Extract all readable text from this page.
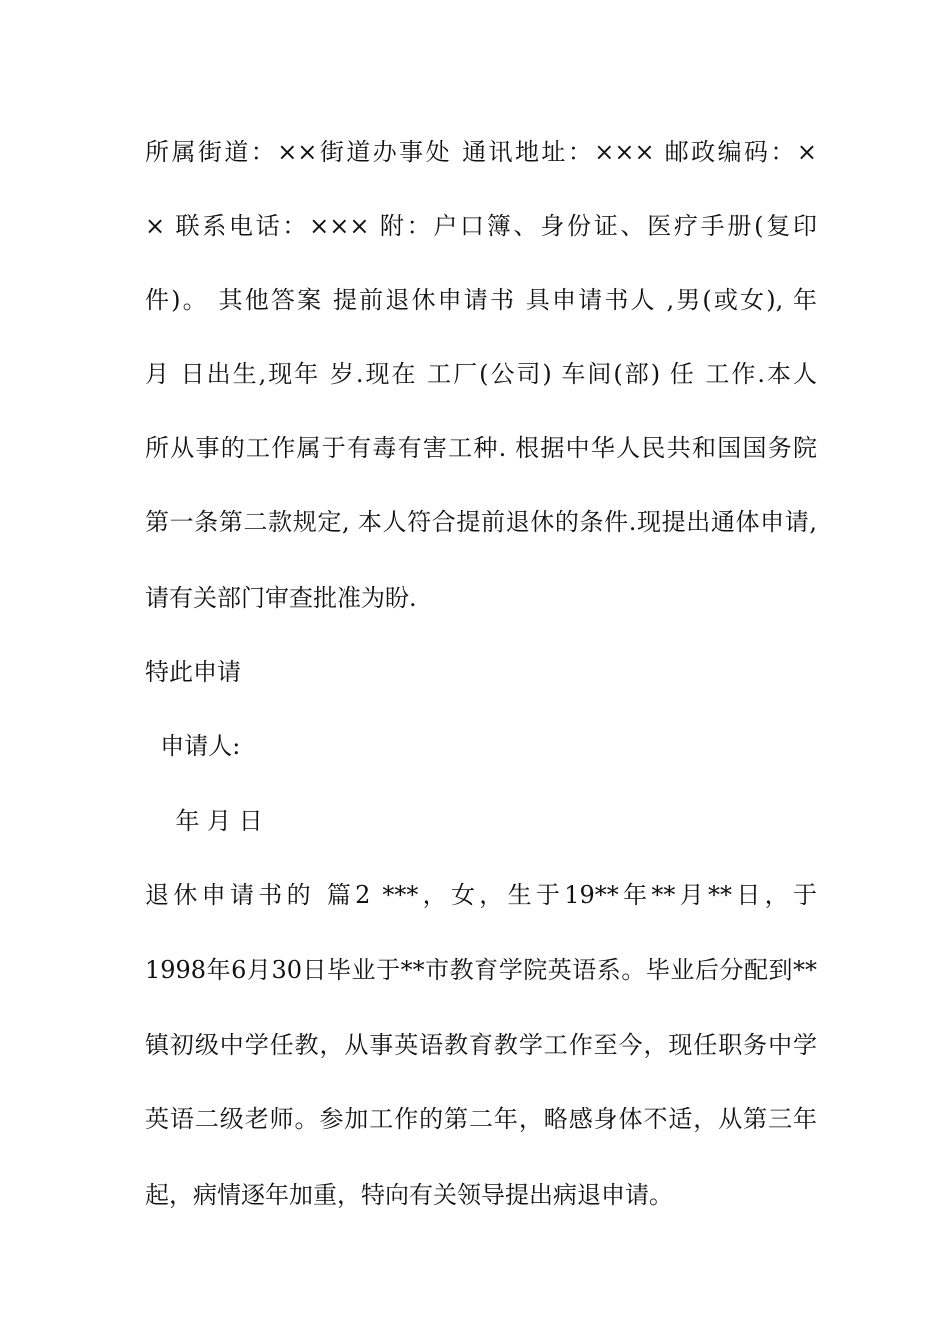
所属街道：××街道办事处 通讯地址：××× 邮政编码：×
× 联系电话：××× 附：户口簿、身份证、医疗手册(复印
件)。 其他答案 提前退休申请书 具申请书人 ,男(或女), 年
月 日出生,现年 岁.现在 工厂(公司) 车间(部) 任 工作.本人
所从事的工作属于有毒有害工种. 根据中华人民共和国国务院
第一条第二款规定, 本人符合提前退休的条件.现提出通体申请,
请有关部门审查批准为盼.
特此申请
申请人:
年 月 日
退休申请书的 篇2 ***，女，生于19**年**月**日，于
1998年6月30日毕业于**市教育学院英语系。毕业后分配到**
镇初级中学任教，从事英语教育教学工作至今，现任职务中学
英语二级老师。参加工作的第二年，略感身体不适，从第三年
起，病情逐年加重，特向有关领导提出病退申请。
